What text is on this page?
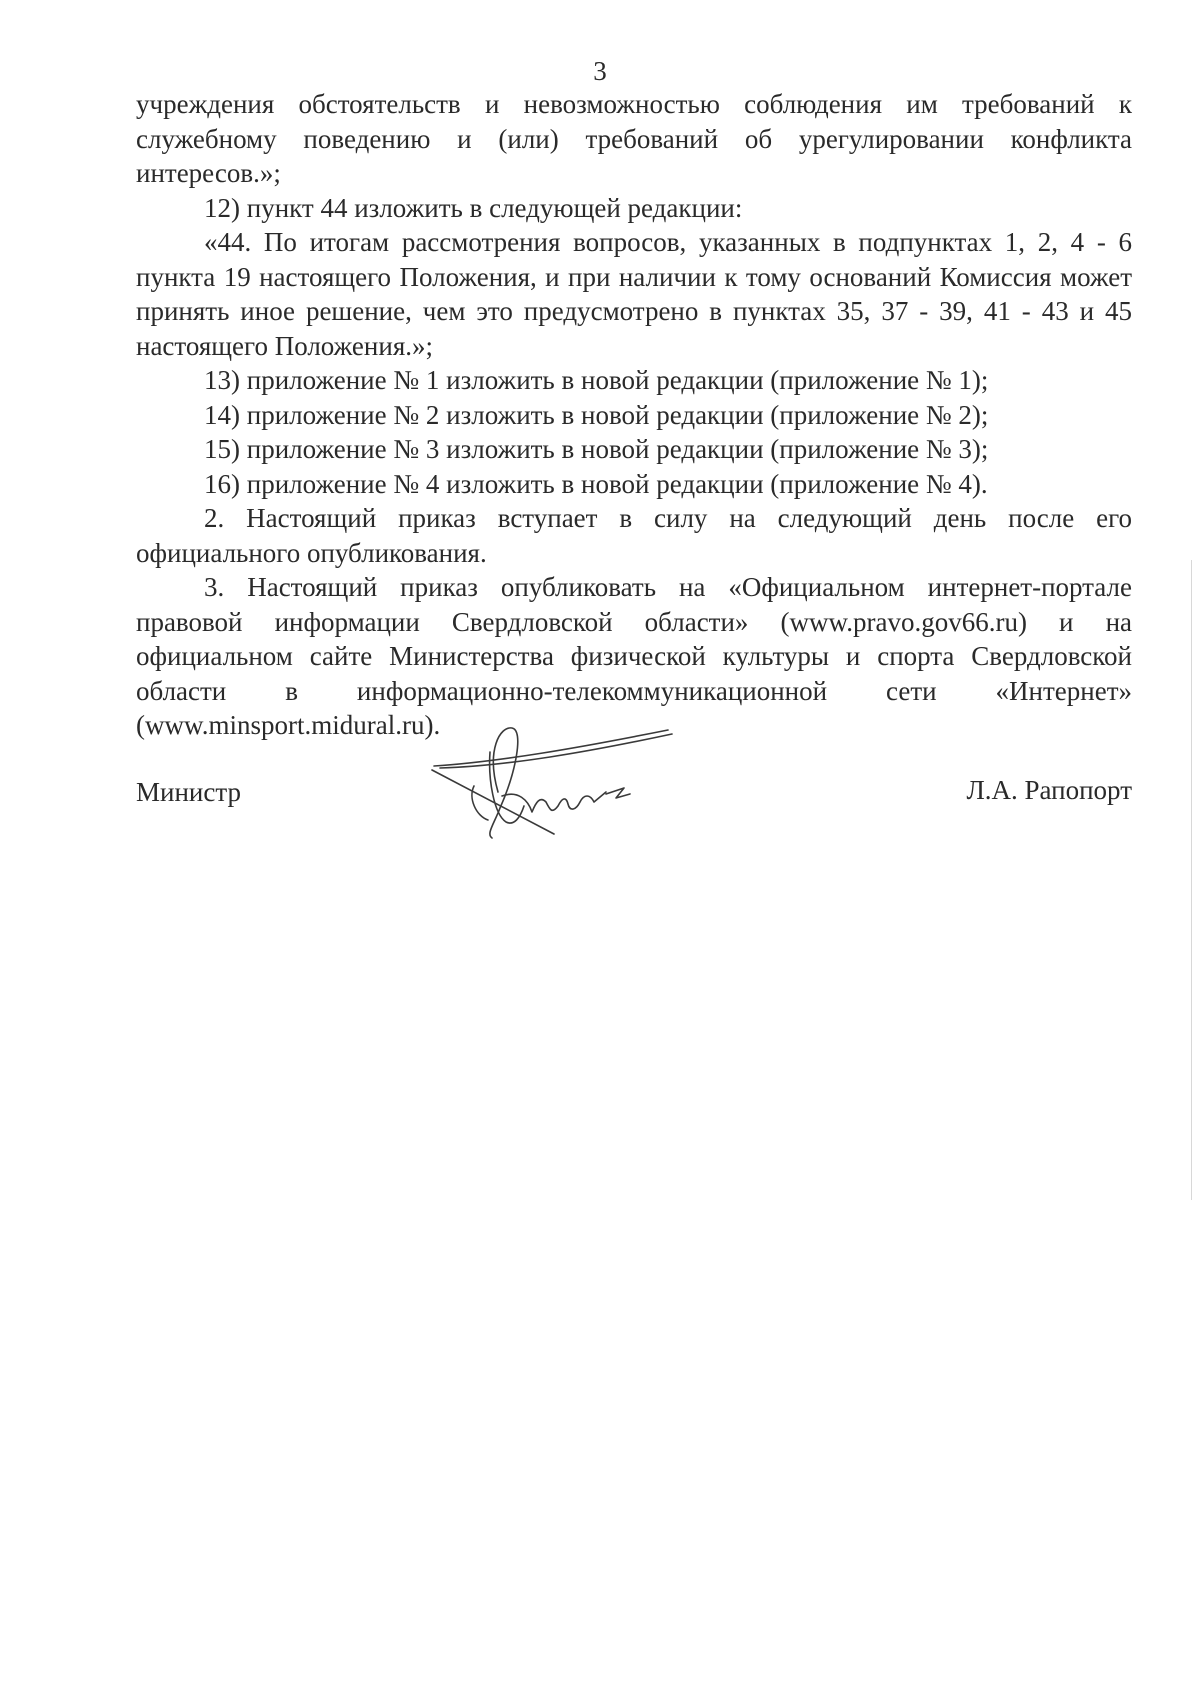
3

учреждения обстоятельств и невозможностью соблюдения им требований к служебному поведению и (или) требований об урегулировании конфликта интересов.»;

12) пункт 44 изложить в следующей редакции:

«44. По итогам рассмотрения вопросов, указанных в подпунктах 1, 2, 4 - 6 пункта 19 настоящего Положения, и при наличии к тому оснований Комиссия может принять иное решение, чем это предусмотрено в пунктах 35, 37 - 39, 41 - 43 и 45 настоящего Положения.»;

13) приложение № 1 изложить в новой редакции (приложение № 1);

14) приложение № 2 изложить в новой редакции (приложение № 2);

15) приложение № 3 изложить в новой редакции (приложение № 3);

16) приложение № 4 изложить в новой редакции (приложение № 4).

2. Настоящий приказ вступает в силу на следующий день после его официального опубликования.

3. Настоящий приказ опубликовать на «Официальном интернет-портале правовой информации Свердловской области» (www.pravo.gov66.ru) и на официальном сайте Министерства физической культуры и спорта Свердловской области в информационно-телекоммуникационной сети «Интернет» (www.minsport.midural.ru).

Министр	Л.А. Рапопорт
